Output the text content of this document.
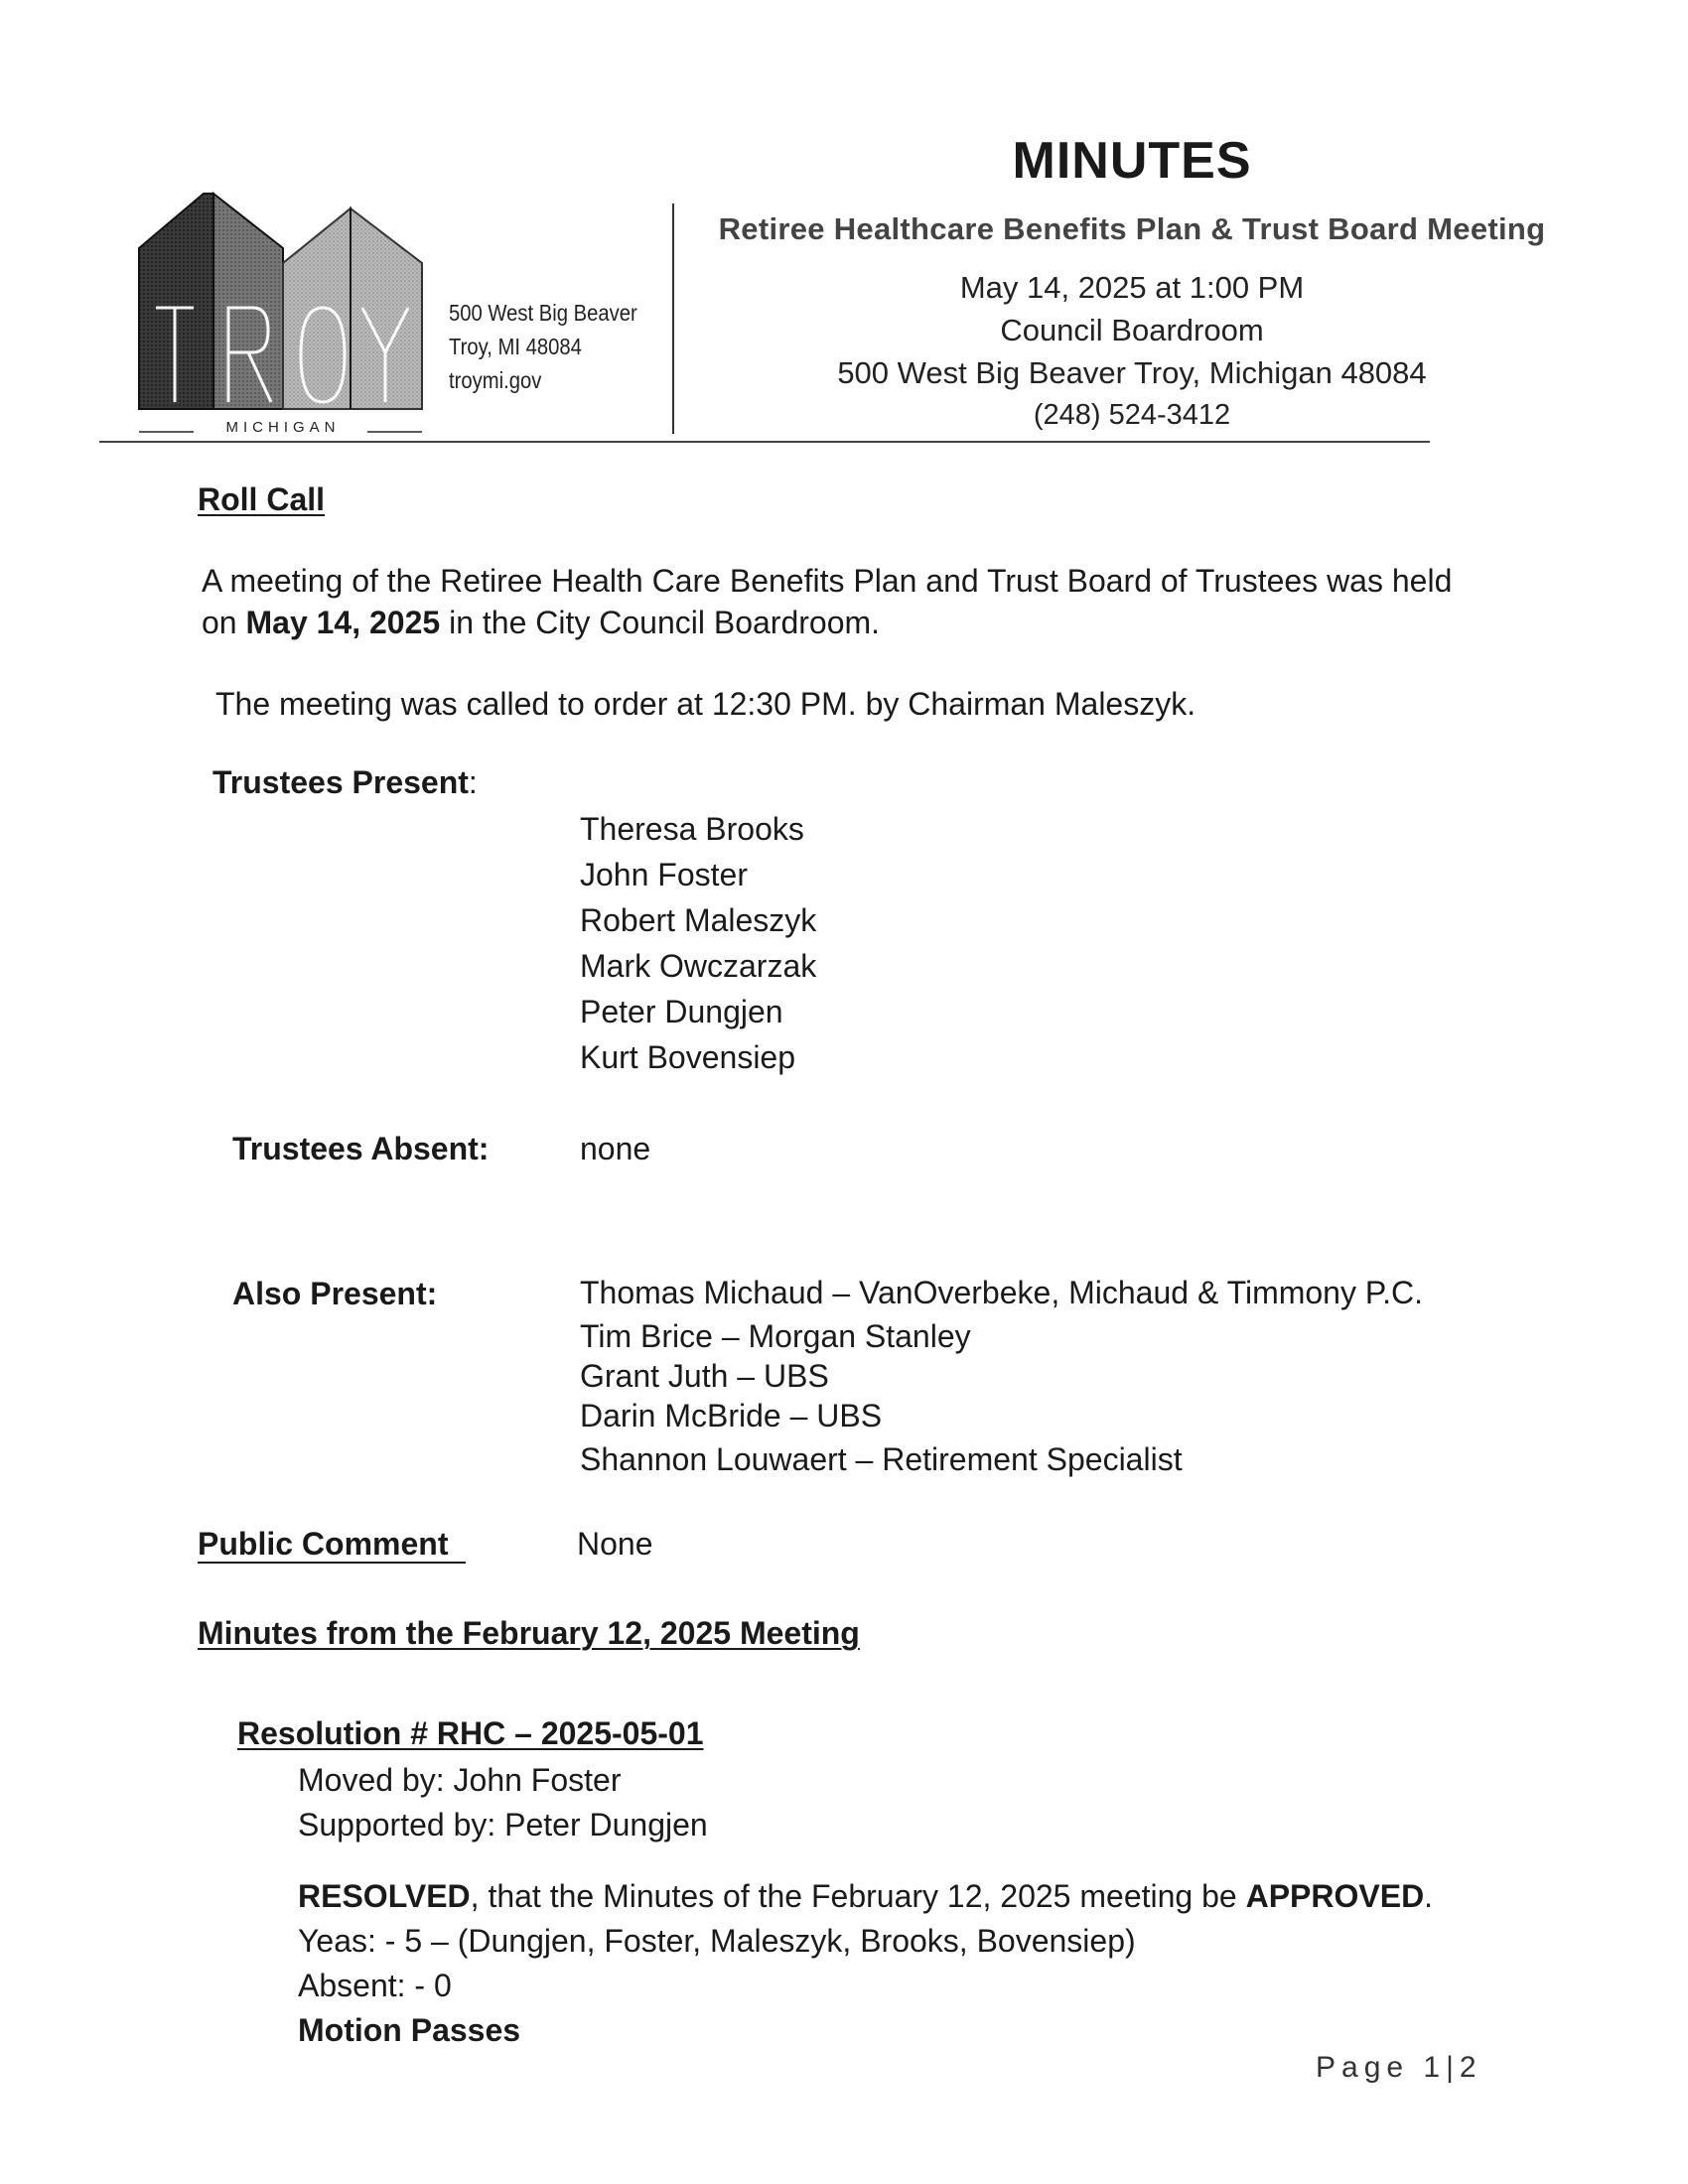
MICHIGAN
500 West Big Beaver
Troy, MI 48084
troymi.gov
MINUTES
Retiree Healthcare Benefits Plan & Trust Board Meeting
May 14, 2025 at 1:00 PM
Council Boardroom
500 West Big Beaver Troy, Michigan 48084
(248) 524-3412
Roll Call
A meeting of the Retiree Health Care Benefits Plan and Trust Board of Trustees was held
on May 14, 2025 in the City Council Boardroom.
The meeting was called to order at 12:30 PM. by Chairman Maleszyk.
Trustees Present:
Theresa Brooks
John Foster
Robert Maleszyk
Mark Owczarzak
Peter Dungjen
Kurt Bovensiep
Trustees Absent:	none
Also Present:	Thomas Michaud – VanOverbeke, Michaud & Timmony P.C.
Tim Brice – Morgan Stanley
Grant Juth – UBS
Darin McBride – UBS
Shannon Louwaert – Retirement Specialist
Public Comment	None
Minutes from the February 12, 2025 Meeting
Resolution # RHC – 2025-05-01
Moved by: John Foster
Supported by: Peter Dungjen
RESOLVED, that the Minutes of the February 12, 2025 meeting be APPROVED.
Yeas: - 5 – (Dungjen, Foster, Maleszyk, Brooks, Bovensiep)
Absent: - 0
Motion Passes
Page 1|2
